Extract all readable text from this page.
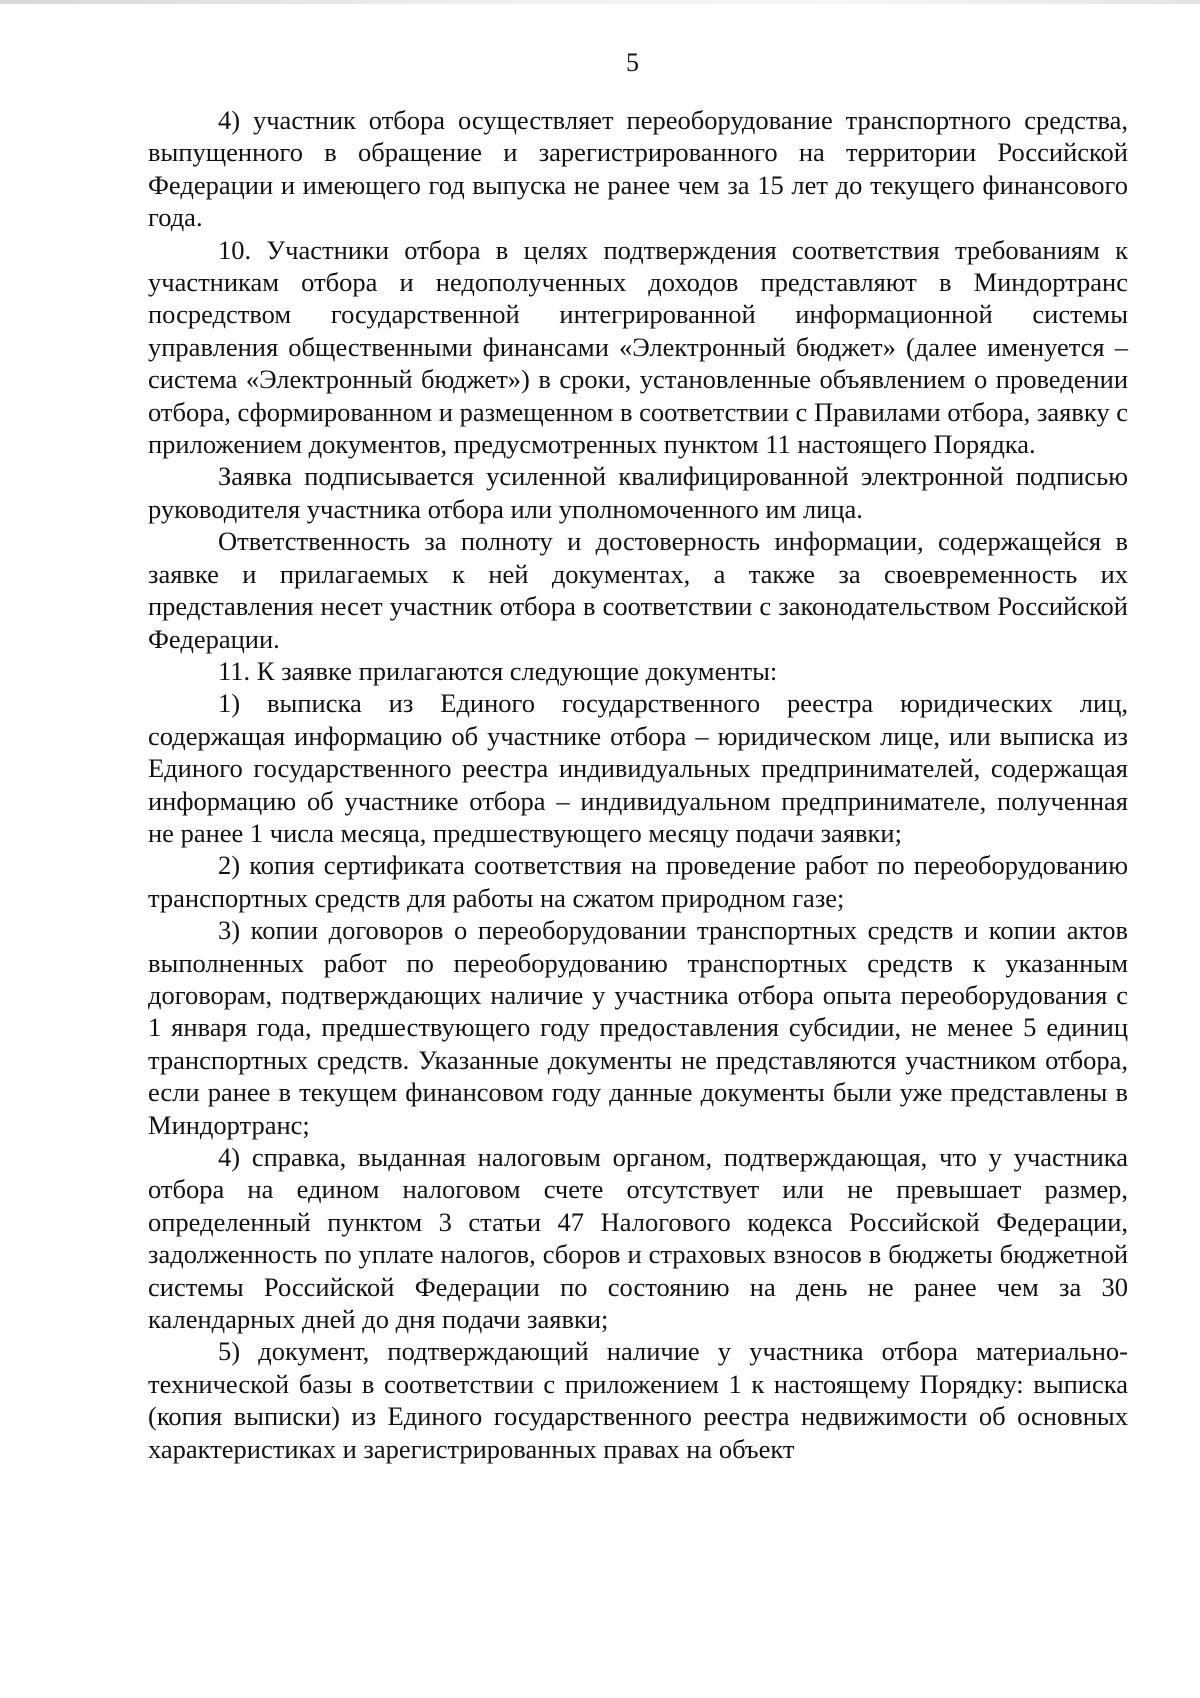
5

4) участник отбора осуществляет переоборудование транспортного средства, выпущенного в обращение и зарегистрированного на территории Российской Федерации и имеющего год выпуска не ранее чем за 15 лет до текущего финансового года.

10. Участники отбора в целях подтверждения соответствия требованиям к участникам отбора и недополученных доходов представляют в Миндортранс посредством государственной интегрированной информационной системы управления общественными финансами «Электронный бюджет» (далее именуется – система «Электронный бюджет») в сроки, установленные объявлением о проведении отбора, сформированном и размещенном в соответствии с Правилами отбора, заявку с приложением документов, предусмотренных пунктом 11 настоящего Порядка.

Заявка подписывается усиленной квалифицированной электронной подписью руководителя участника отбора или уполномоченного им лица.

Ответственность за полноту и достоверность информации, содержащейся в заявке и прилагаемых к ней документах, а также за своевременность их представления несет участник отбора в соответствии с законодательством Российской Федерации.

11. К заявке прилагаются следующие документы:

1) выписка из Единого государственного реестра юридических лиц, содержащая информацию об участнике отбора – юридическом лице, или выписка из Единого государственного реестра индивидуальных предпринимателей, содержащая информацию об участнике отбора – индивидуальном предпринимателе, полученная не ранее 1 числа месяца, предшествующего месяцу подачи заявки;

2) копия сертификата соответствия на проведение работ по переоборудованию транспортных средств для работы на сжатом природном газе;

3) копии договоров о переоборудовании транспортных средств и копии актов выполненных работ по переоборудованию транспортных средств к указанным договорам, подтверждающих наличие у участника отбора опыта переоборудования с 1 января года, предшествующего году предоставления субсидии, не менее 5 единиц транспортных средств. Указанные документы не представляются участником отбора, если ранее в текущем финансовом году данные документы были уже представлены в Миндортранс;

4) справка, выданная налоговым органом, подтверждающая, что у участника отбора на едином налоговом счете отсутствует или не превышает размер, определенный пунктом 3 статьи 47 Налогового кодекса Российской Федерации, задолженность по уплате налогов, сборов и страховых взносов в бюджеты бюджетной системы Российской Федерации по состоянию на день не ранее чем за 30 календарных дней до дня подачи заявки;

5) документ, подтверждающий наличие у участника отбора материально-технической базы в соответствии с приложением 1 к настоящему Порядку: выписка (копия выписки) из Единого государственного реестра недвижимости об основных характеристиках и зарегистрированных правах на объект
